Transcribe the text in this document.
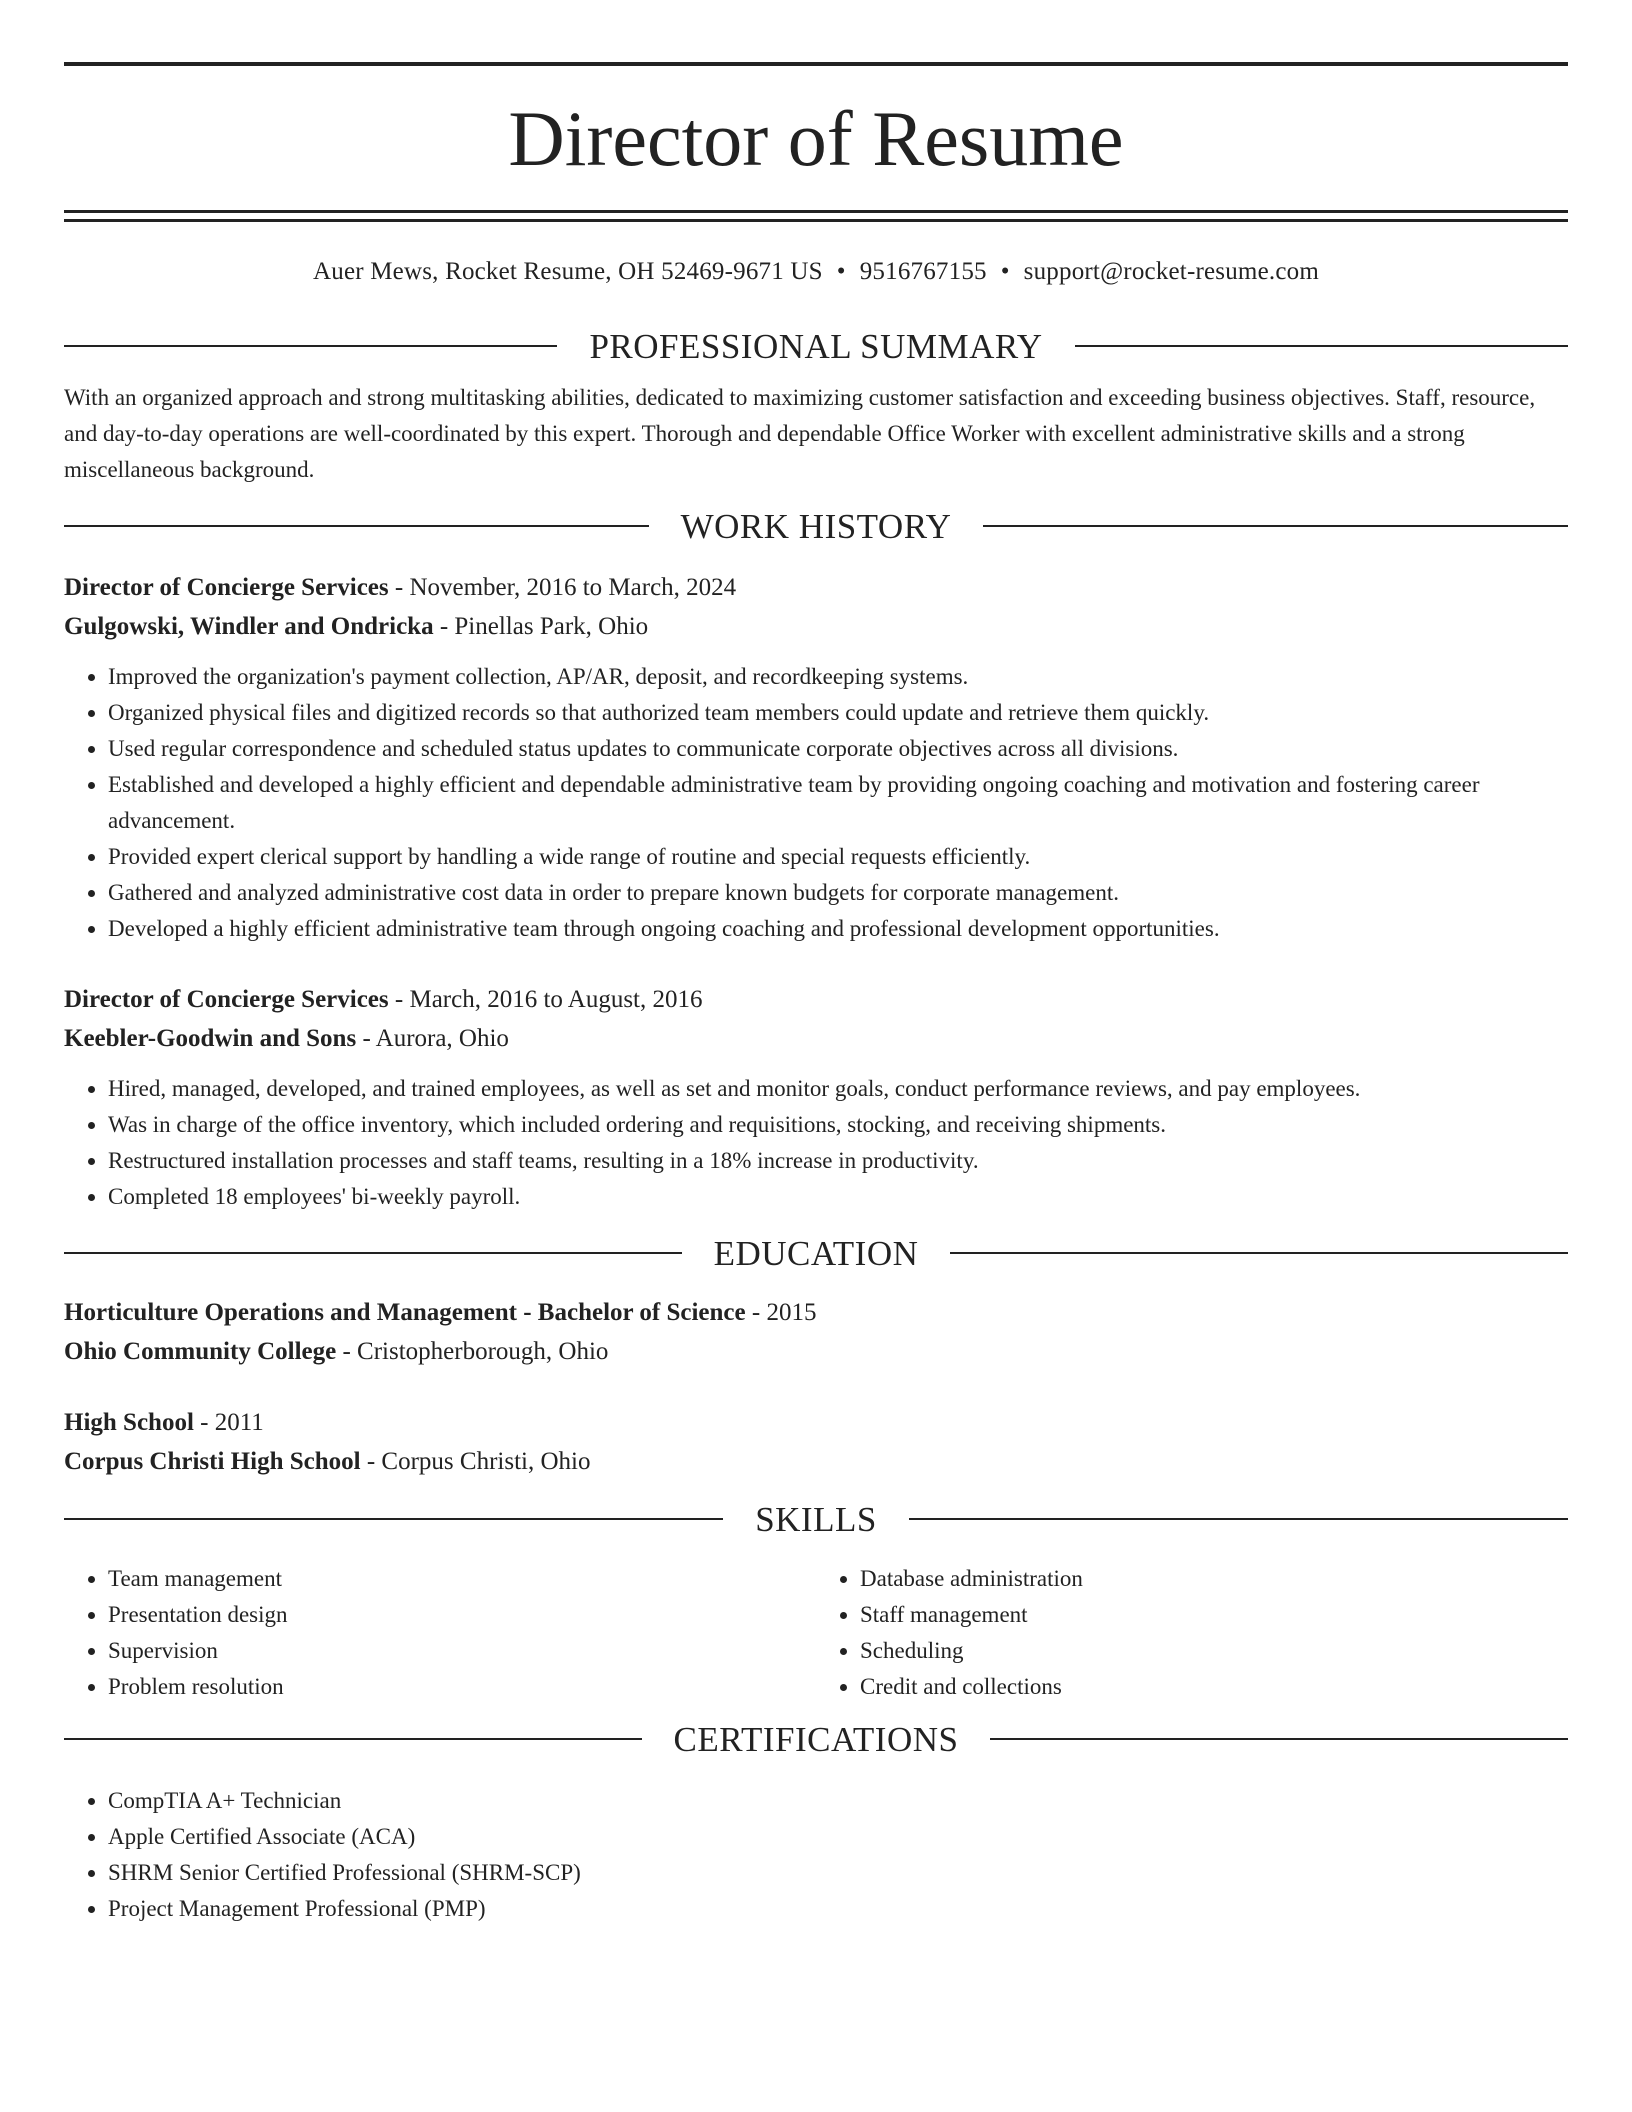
Director of Resume
Auer Mews, Rocket Resume, OH 52469-9671 US • 9516767155 • support@rocket-resume.com
PROFESSIONAL SUMMARY
With an organized approach and strong multitasking abilities, dedicated to maximizing customer satisfaction and exceeding business objectives. Staff, resource, and day-to-day operations are well-coordinated by this expert. Thorough and dependable Office Worker with excellent administrative skills and a strong miscellaneous background.
WORK HISTORY
Director of Concierge Services - November, 2016 to March, 2024
Gulgowski, Windler and Ondricka - Pinellas Park, Ohio
• Improved the organization's payment collection, AP/AR, deposit, and recordkeeping systems.
• Organized physical files and digitized records so that authorized team members could update and retrieve them quickly.
• Used regular correspondence and scheduled status updates to communicate corporate objectives across all divisions.
• Established and developed a highly efficient and dependable administrative team by providing ongoing coaching and motivation and fostering career advancement.
• Provided expert clerical support by handling a wide range of routine and special requests efficiently.
• Gathered and analyzed administrative cost data in order to prepare known budgets for corporate management.
• Developed a highly efficient administrative team through ongoing coaching and professional development opportunities.
Director of Concierge Services - March, 2016 to August, 2016
Keebler-Goodwin and Sons - Aurora, Ohio
• Hired, managed, developed, and trained employees, as well as set and monitor goals, conduct performance reviews, and pay employees.
• Was in charge of the office inventory, which included ordering and requisitions, stocking, and receiving shipments.
• Restructured installation processes and staff teams, resulting in a 18% increase in productivity.
• Completed 18 employees' bi-weekly payroll.
EDUCATION
Horticulture Operations and Management - Bachelor of Science - 2015
Ohio Community College - Cristopherborough, Ohio
High School - 2011
Corpus Christi High School - Corpus Christi, Ohio
SKILLS
• Team management
• Presentation design
• Supervision
• Problem resolution
• Database administration
• Staff management
• Scheduling
• Credit and collections
CERTIFICATIONS
• CompTIA A+ Technician
• Apple Certified Associate (ACA)
• SHRM Senior Certified Professional (SHRM-SCP)
• Project Management Professional (PMP)
